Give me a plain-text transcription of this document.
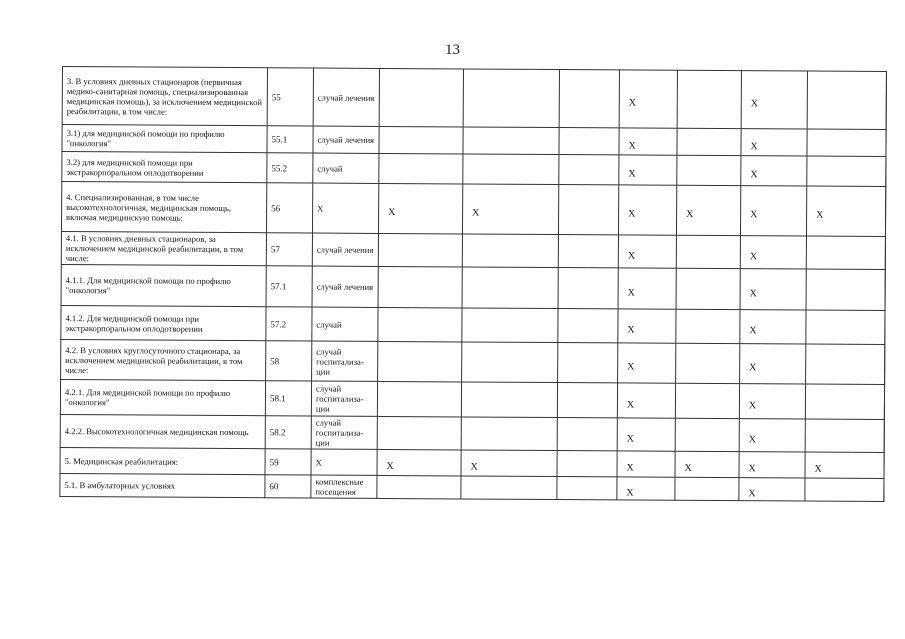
13
3. В условиях дневных стационаров (первичная медико-санитарная помощь, специализированная медицинская помощь), за исключением медицинской реабилитации, в том числе:	55	случай лечения				X		X		
3.1) для медицинской помощи по профилю "онкология"	55.1	случай лечения				X		X		
3.2) для медицинской помощи при экстракорпоральном оплодотворении	55.2	случай				X		X		
4. Специализированная, в том числе высокотехнологичная, медицинская помощь, включая медицинскую помощь:	56	X	X	X		X	X	X	X	
4.1. В условиях дневных стационаров, за исключением медицинской реабилитации, в том числе:	57	случай лечения				X		X		
4.1.1. Для медицинской помощи по профилю "онкология"	57.1	случай лечения				X		X		
4.1.2. Для медицинской помощи при экстракорпоральном оплодотворении	57.2	случай				X		X		
4.2. В условиях круглосуточного стационара, за исключением медицинской реабилитации, в том числе:	58	случай госпитализа-ции				X		X		
4.2.1. Для медицинской помощи по профилю "онкология"	58.1	случай госпитализа-ции				X		X		
4.2.2. Высокотехнологичная медицинская помощь	58.2	случай госпитализа-ции				X		X		
5. Медицинская реабилитация:	59	X	X	X		X	X	X	X	
5.1. В амбулаторных условиях	60	комплексные посещения				X		X		
